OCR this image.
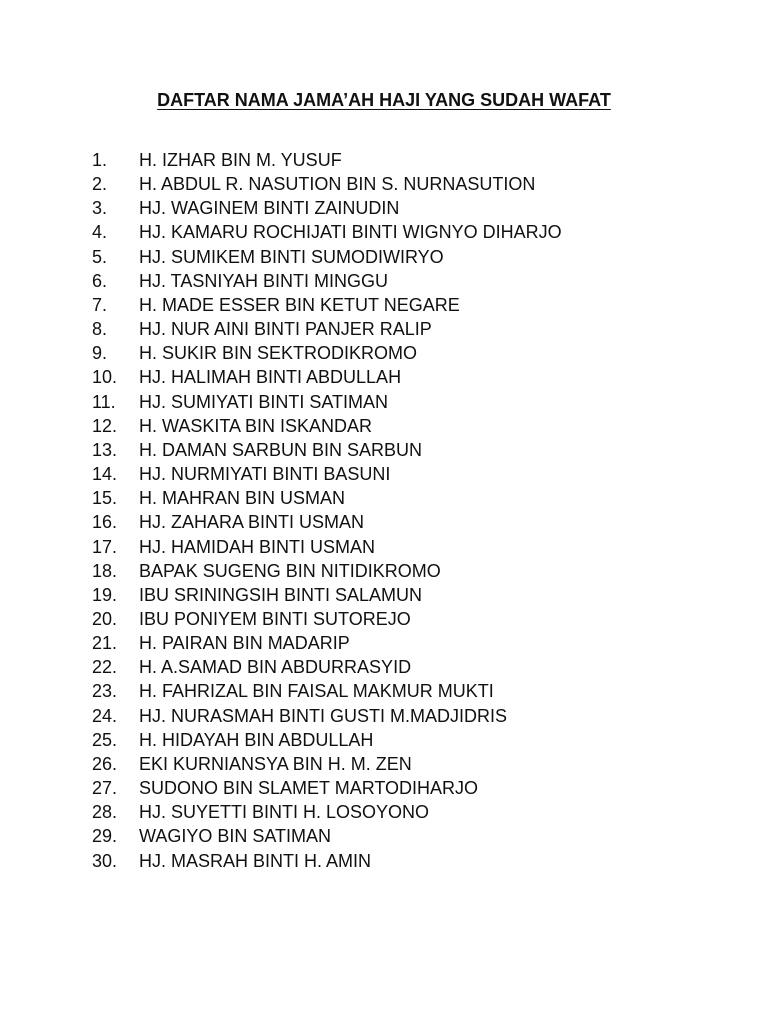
DAFTAR NAMA JAMA’AH HAJI YANG SUDAH WAFAT
1. H. IZHAR BIN M. YUSUF
2. H. ABDUL R. NASUTION BIN S. NURNASUTION
3. HJ. WAGINEM BINTI ZAINUDIN
4. HJ. KAMARU ROCHIJATI BINTI WIGNYO DIHARJO
5. HJ. SUMIKEM BINTI SUMODIWIRYO
6. HJ. TASNIYAH BINTI MINGGU
7. H. MADE ESSER BIN KETUT NEGARE
8. HJ. NUR AINI BINTI PANJER RALIP
9. H. SUKIR BIN SEKTRODIKROMO
10. HJ. HALIMAH BINTI ABDULLAH
11. HJ. SUMIYATI BINTI SATIMAN
12. H. WASKITA BIN ISKANDAR
13. H. DAMAN SARBUN BIN SARBUN
14. HJ. NURMIYATI BINTI BASUNI
15. H. MAHRAN BIN USMAN
16. HJ. ZAHARA BINTI USMAN
17. HJ. HAMIDAH BINTI USMAN
18. BAPAK SUGENG BIN NITIDIKROMO
19. IBU SRININGSIH BINTI SALAMUN
20. IBU PONIYEM BINTI SUTOREJO
21. H. PAIRAN BIN MADARIP
22. H. A.SAMAD BIN ABDURRASYID
23. H. FAHRIZAL BIN FAISAL MAKMUR MUKTI
24. HJ. NURASMAH BINTI GUSTI M.MADJIDRIS
25. H. HIDAYAH BIN ABDULLAH
26. EKI KURNIANSYA BIN H. M. ZEN
27. SUDONO BIN SLAMET MARTODIHARJO
28. HJ. SUYETTI BINTI H. LOSOYONO
29. WAGIYO BIN SATIMAN
30. HJ. MASRAH BINTI H. AMIN
